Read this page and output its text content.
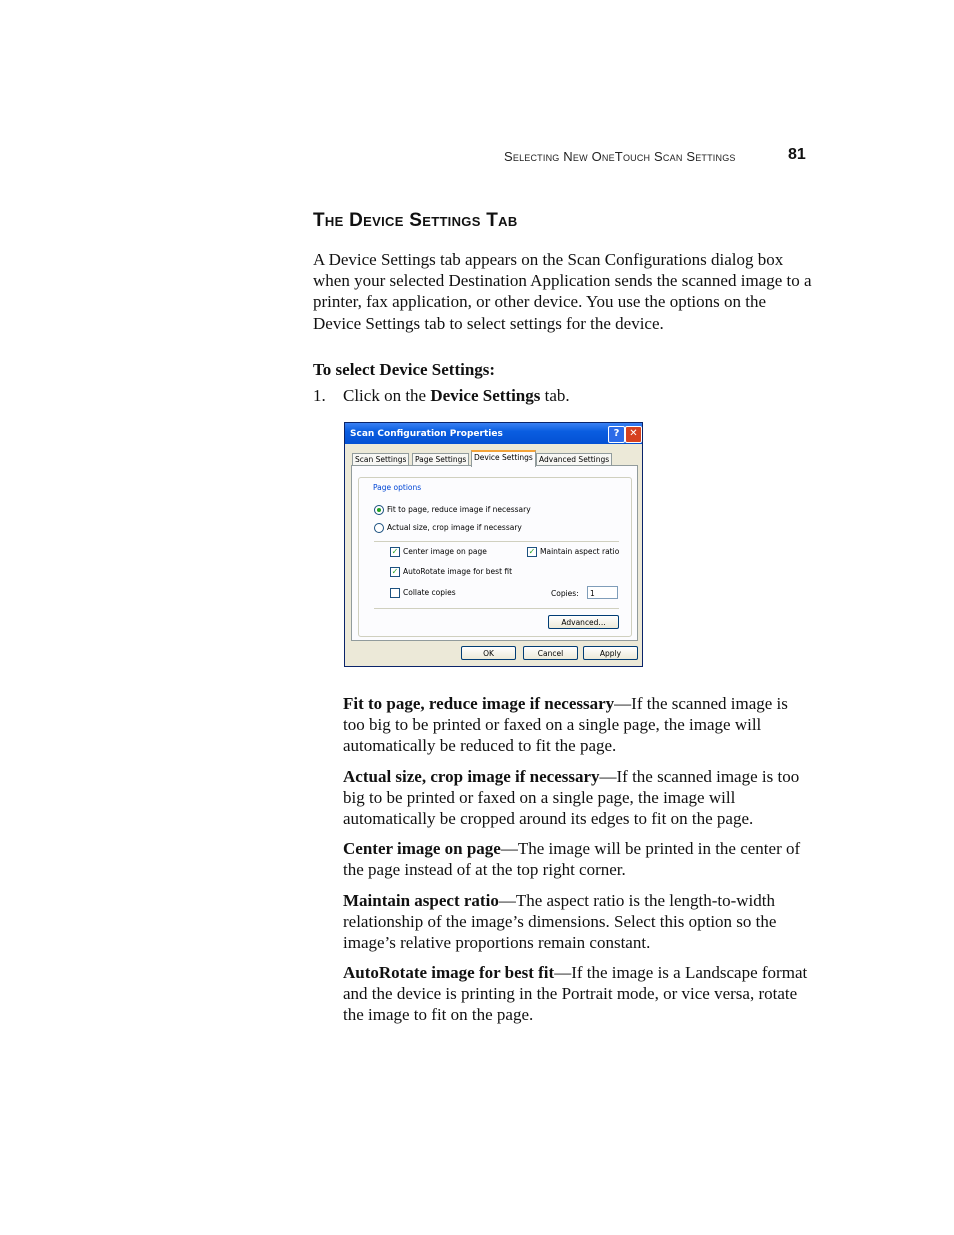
Selecting New OneTouch Scan Settings	81
The Device Settings Tab
A Device Settings tab appears on the Scan Configurations dialog box when your selected Destination Application sends the scanned image to a printer, fax application, or other device. You use the options on the Device Settings tab to select settings for the device.
To select Device Settings:
1. Click on the Device Settings tab.
Scan Configuration Properties	? ✕
Scan Settings	Page Settings	Device Settings Advanced Settings
Page options
Fit to page, reduce image if necessary
Actual size, crop image if necessary
✓ Center image on page	✓ Maintain aspect ratio
✓ AutoRotate image for best fit
Collate copies	Copies:	1
Advanced...
OK	Cancel	Apply
Fit to page, reduce image if necessary—If the scanned image is too big to be printed or faxed on a single page, the image will automatically be reduced to fit the page.
Actual size, crop image if necessary—If the scanned image is too big to be printed or faxed on a single page, the image will automatically be cropped around its edges to fit on the page.
Center image on page—The image will be printed in the center of the page instead of at the top right corner.
Maintain aspect ratio—The aspect ratio is the length-to-width relationship of the image’s dimensions. Select this option so the image’s relative proportions remain constant.
AutoRotate image for best fit—If the image is a Landscape format and the device is printing in the Portrait mode, or vice versa, rotate the image to fit on the page.
